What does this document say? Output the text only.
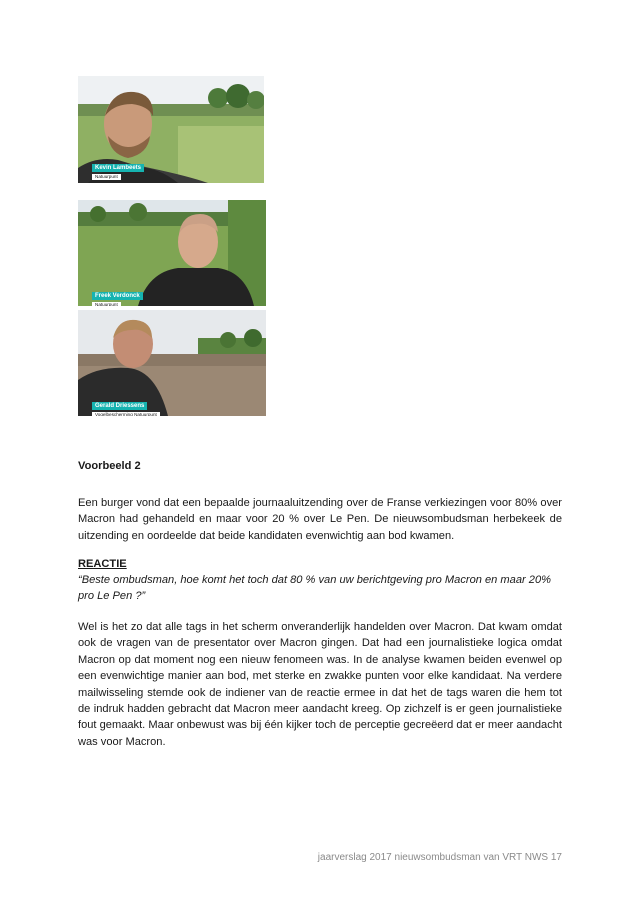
Kevin Lambeets
Natuurpunt
Freek Verdonck
Natuurpunt
Gerald Driessens
Vogelbescherming Natuurpunt
Voorbeeld 2

Een burger vond dat een bepaalde journaaluitzending over de Franse verkiezingen voor 80% over Macron had gehandeld en maar voor 20 % over Le Pen. De nieuwsombudsman herbekeek de uitzending en oordeelde dat beide kandidaten evenwichtig aan bod kwamen.

REACTIE

“Beste ombudsman, hoe komt het toch dat 80 % van uw berichtgeving pro Macron en maar 20% pro Le Pen ?”

Wel is het zo dat alle tags in het scherm onveranderlijk handelden over Macron. Dat kwam omdat ook de vragen van de presentator over Macron gingen. Dat had een journalistieke logica omdat Macron op dat moment nog een nieuw fenomeen was. In de analyse kwamen beiden evenwel op een evenwichtige manier aan bod, met sterke en zwakke punten voor elke kandidaat. Na verdere mailwisseling stemde ook de indiener van de reactie ermee in dat het de tags waren die hem tot de indruk hadden gebracht dat Macron meer aandacht kreeg. Op zichzelf is er geen journalistieke fout gemaakt. Maar onbewust was bij één kijker toch de perceptie gecreëerd dat er meer aandacht was voor Macron.

jaarverslag 2017 nieuwsombudsman van VRT NWS 17
